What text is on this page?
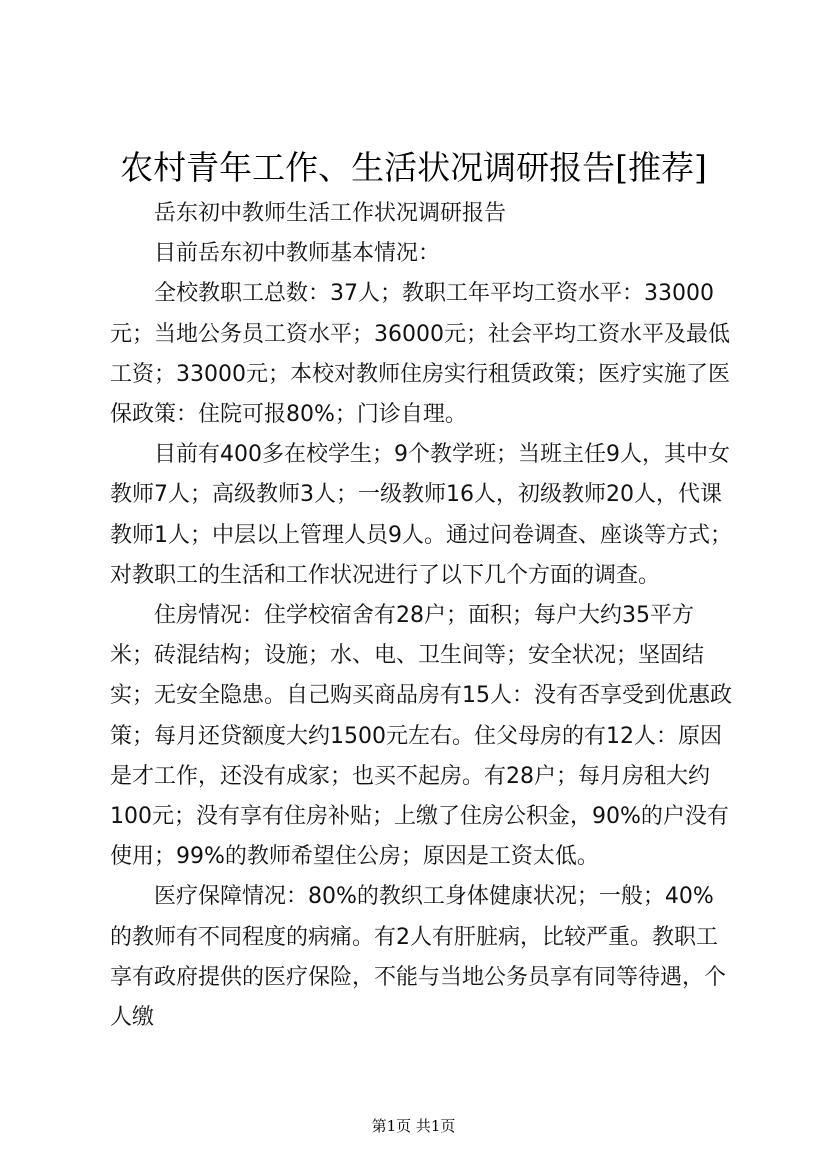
农村青年工作、生活状况调研报告[推荐]

岳东初中教师生活工作状况调研报告

目前岳东初中教师基本情况：

全校教职工总数：37人；教职工年平均工资水平：33000元；当地公务员工资水平；36000元；社会平均工资水平及最低工资；33000元；本校对教师住房实行租赁政策；医疗实施了医保政策：住院可报80%；门诊自理。

目前有400多在校学生；9个教学班；当班主任9人，其中女教师7人；高级教师3人；一级教师16人，初级教师20人，代课教师1人；中层以上管理人员9人。通过问卷调查、座谈等方式；对教职工的生活和工作状况进行了以下几个方面的调查。

住房情况：住学校宿舍有28户；面积；每户大约35平方米；砖混结构；设施；水、电、卫生间等；安全状况；坚固结实；无安全隐患。自己购买商品房有15人：没有否享受到优惠政策；每月还贷额度大约1500元左右。住父母房的有12人：原因是才工作，还没有成家；也买不起房。有28户；每月房租大约100元；没有享有住房补贴；上缴了住房公积金，90%的户没有使用；99%的教师希望住公房；原因是工资太低。

医疗保障情况：80%的教织工身体健康状况；一般；40%的教师有不同程度的病痛。有2人有肝脏病，比较严重。教职工享有政府提供的医疗保险，不能与当地公务员享有同等待遇，个人缴

第1页 共1页
